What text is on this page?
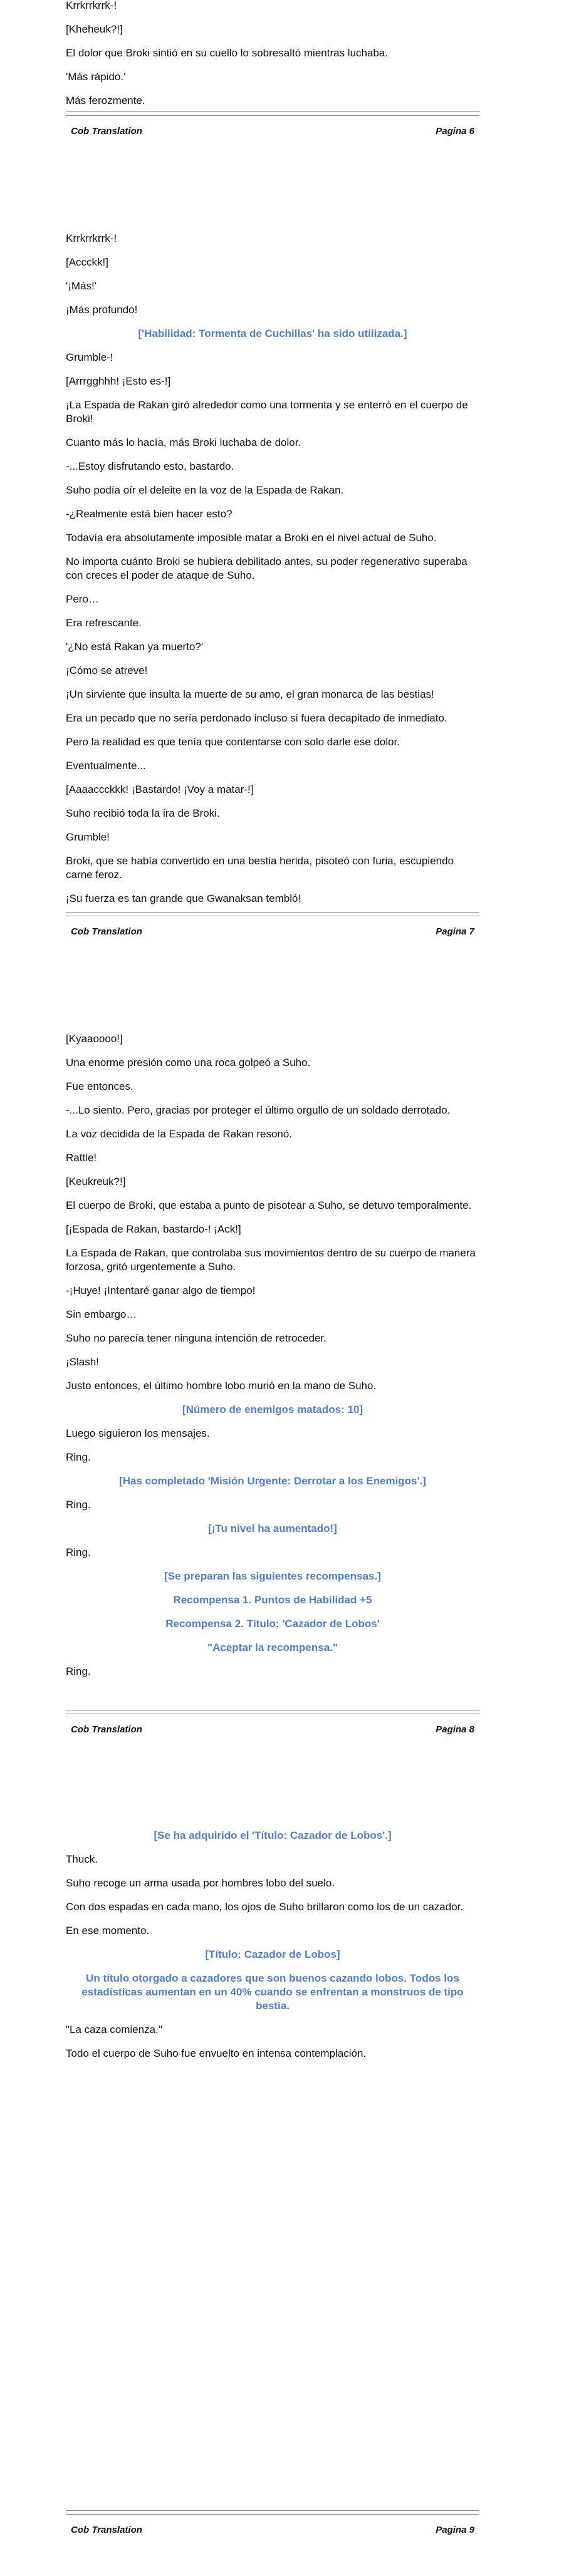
Krrkrrkrrk-!

[Kheheuk?!]

El dolor que Broki sintió en su cuello lo sobresaltó mientras luchaba.

'Más rápido.'

Más ferozmente.

Cob Translation	Pagina 6

Krrkrrkrrk-!

[Accckk!]

'¡Más!'

¡Más profundo!

['Habilidad: Tormenta de Cuchillas' ha sido utilizada.]

Grumble-!

[Arrrgghhh! ¡Esto es-!]

¡La Espada de Rakan giró alrededor como una tormenta y se enterró en el cuerpo de Broki!

Cuanto más lo hacía, más Broki luchaba de dolor.

-...Estoy disfrutando esto, bastardo.

Suho podía oír el deleite en la voz de la Espada de Rakan.

-¿Realmente está bien hacer esto?

Todavía era absolutamente imposible matar a Broki en el nivel actual de Suho.

No importa cuánto Broki se hubiera debilitado antes, su poder regenerativo superaba con creces el poder de ataque de Suho.

Pero…

Era refrescante.

'¿No está Rakan ya muerto?'

¡Cómo se atreve!

¡Un sirviente que insulta la muerte de su amo, el gran monarca de las bestias!

Era un pecado que no sería perdonado incluso si fuera decapitado de inmediato.

Pero la realidad es que tenía que contentarse con solo darle ese dolor.

Eventualmente...

[Aaaaccckkk! ¡Bastardo! ¡Voy a matar-!]

Suho recibió toda la ira de Broki.

Grumble!

Broki, que se había convertido en una bestia herida, pisoteó con furia, escupiendo carne feroz.

¡Su fuerza es tan grande que Gwanaksan tembló!

Cob Translation	Pagina 7

[Kyaaoooo!]

Una enorme presión como una roca golpeó a Suho.

Fue entonces.

-...Lo siento. Pero, gracias por proteger el último orgullo de un soldado derrotado.

La voz decidida de la Espada de Rakan resonó.

Rattle!

[Keukreuk?!]

El cuerpo de Broki, que estaba a punto de pisotear a Suho, se detuvo temporalmente.

[¡Espada de Rakan, bastardo-! ¡Ack!]

La Espada de Rakan, que controlaba sus movimientos dentro de su cuerpo de manera forzosa, gritó urgentemente a Suho.

-¡Huye! ¡Intentaré ganar algo de tiempo!

Sin embargo…

Suho no parecía tener ninguna intención de retroceder.

¡Slash!

Justo entonces, el último hombre lobo murió en la mano de Suho.

[Número de enemigos matados: 10]

Luego siguieron los mensajes.

Ring.

[Has completado 'Misión Urgente: Derrotar a los Enemigos'.]

Ring.

[¡Tu nivel ha aumentado!]

Ring.

[Se preparan las siguientes recompensas.]

Recompensa 1. Puntos de Habilidad +5

Recompensa 2. Título: 'Cazador de Lobos'

"Aceptar la recompensa."

Ring.

Cob Translation	Pagina 8

[Se ha adquirido el 'Título: Cazador de Lobos'.]

Thuck.

Suho recoge un arma usada por hombres lobo del suelo.

Con dos espadas en cada mano, los ojos de Suho brillaron como los de un cazador.

En ese momento.

[Título: Cazador de Lobos]

Un título otorgado a cazadores que son buenos cazando lobos. Todos los estadísticas aumentan en un 40% cuando se enfrentan a monstruos de tipo bestia.

"La caza comienza."

Todo el cuerpo de Suho fue envuelto en intensa contemplación.

Cob Translation	Pagina 9
